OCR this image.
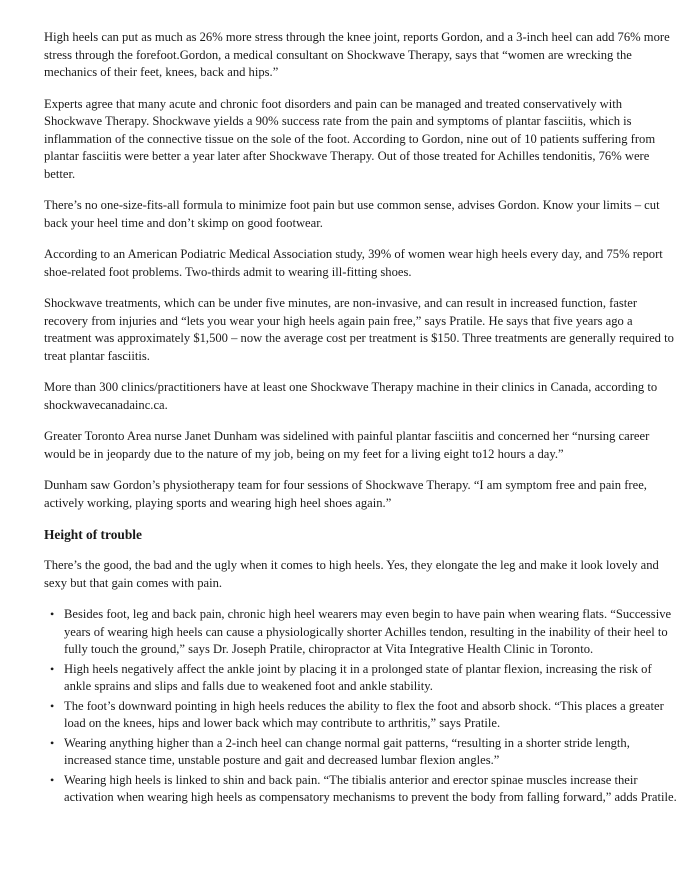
High heels can put as much as 26% more stress through the knee joint, reports Gordon, and a 3-inch heel can add 76% more stress through the forefoot.Gordon, a medical consultant on Shockwave Therapy, says that “women are wrecking the mechanics of their feet, knees, back and hips.”

Experts agree that many acute and chronic foot disorders and pain can be managed and treated conservatively with Shockwave Therapy. Shockwave yields a 90% success rate from the pain and symptoms of plantar fasciitis, which is inflammation of the connective tissue on the sole of the foot. According to Gordon, nine out of 10 patients suffering from plantar fasciitis were better a year later after Shockwave Therapy. Out of those treated for Achilles tendonitis, 76% were better.

There’s no one-size-fits-all formula to minimize foot pain but use common sense, advises Gordon. Know your limits – cut back your heel time and don’t skimp on good footwear.

According to an American Podiatric Medical Association study, 39% of women wear high heels every day, and 75% report shoe-related foot problems. Two-thirds admit to wearing ill-fitting shoes.

Shockwave treatments, which can be under five minutes, are non-invasive, and can result in increased function, faster recovery from injuries and “lets you wear your high heels again pain free,” says Pratile. He says that five years ago a treatment was approximately $1,500 – now the average cost per treatment is $150. Three treatments are generally required to treat plantar fasciitis.

More than 300 clinics/practitioners have at least one Shockwave Therapy machine in their clinics in Canada, according to shockwavecanadainc.ca.

Greater Toronto Area nurse Janet Dunham was sidelined with painful plantar fasciitis and concerned her “nursing career would be in jeopardy due to the nature of my job, being on my feet for a living eight to12 hours a day.”

Dunham saw Gordon’s physiotherapy team for four sessions of Shockwave Therapy. “I am symptom free and pain free, actively working, playing sports and wearing high heel shoes again.”

Height of trouble

There’s the good, the bad and the ugly when it comes to high heels. Yes, they elongate the leg and make it look lovely and sexy but that gain comes with pain.

• Besides foot, leg and back pain, chronic high heel wearers may even begin to have pain when wearing flats. “Successive years of wearing high heels can cause a physiologically shorter Achilles tendon, resulting in the inability of their heel to fully touch the ground,” says Dr. Joseph Pratile, chiropractor at Vita Integrative Health Clinic in Toronto.
• High heels negatively affect the ankle joint by placing it in a prolonged state of plantar flexion, increasing the risk of ankle sprains and slips and falls due to weakened foot and ankle stability.
• The foot’s downward pointing in high heels reduces the ability to flex the foot and absorb shock. “This places a greater load on the knees, hips and lower back which may contribute to arthritis,” says Pratile.
• Wearing anything higher than a 2-inch heel can change normal gait patterns, “resulting in a shorter stride length, increased stance time, unstable posture and gait and decreased lumbar flexion angles.”
• Wearing high heels is linked to shin and back pain. “The tibialis anterior and erector spinae muscles increase their activation when wearing high heels as compensatory mechanisms to prevent the body from falling forward,” adds Pratile.
